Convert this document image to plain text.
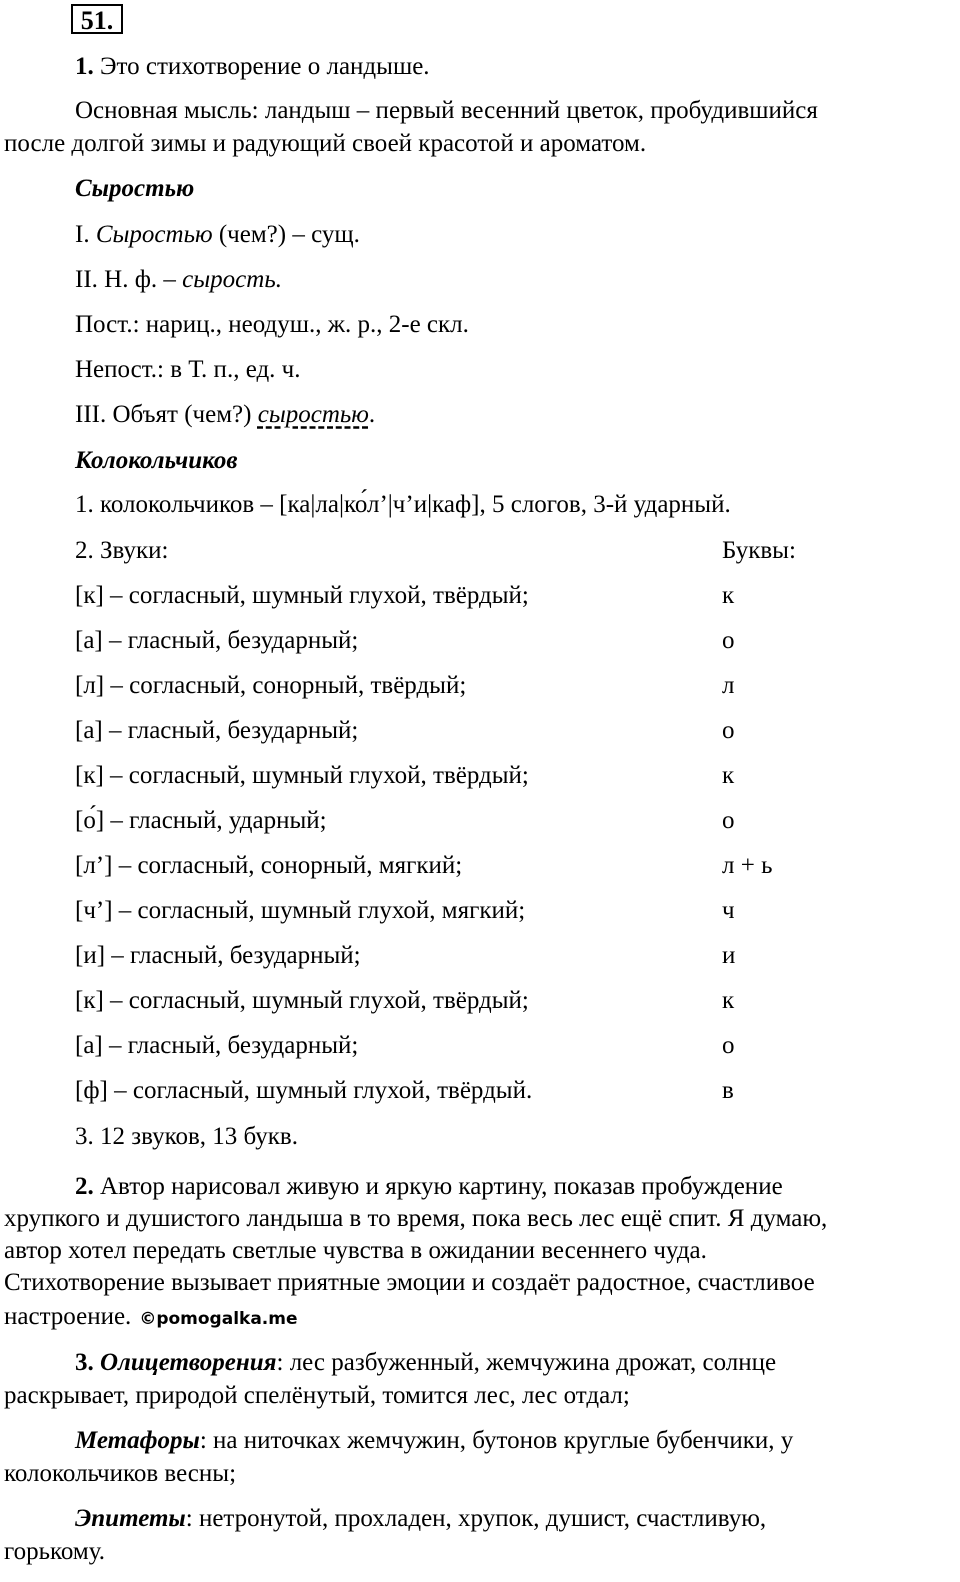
51.
1. Это стихотворение о ландыше.
Основная мысль: ландыш – первый весенний цветок, пробудившийся
после долгой зимы и радующий своей красотой и ароматом.
Сыростью
I. Сыростью (чем?) – сущ.
II. Н. ф. – сырость.
Пост.: нариц., неодуш., ж. р., 2-е скл.
Непост.: в Т. п., ед. ч.
III. Объят (чем?) сыростью.
Колокольчиков
1. колокольчиков – [ка|ла|ко́л’|ч’и|каф], 5 слогов, 3-й ударный.
2. Звуки:	Буквы:
[к] – согласный, шумный глухой, твёрдый;	к
[а] – гласный, безударный;	о
[л] – согласный, сонорный, твёрдый;	л
[а] – гласный, безударный;	о
[к] – согласный, шумный глухой, твёрдый;	к
[о́] – гласный, ударный;	о
[л’] – согласный, сонорный, мягкий;	л + ь
[ч’] – согласный, шумный глухой, мягкий;	ч
[и] – гласный, безударный;	и
[к] – согласный, шумный глухой, твёрдый;	к
[а] – гласный, безударный;	о
[ф] – согласный, шумный глухой, твёрдый.	в
3. 12 звуков, 13 букв.
2. Автор нарисовал живую и яркую картину, показав пробуждение
хрупкого и душистого ландыша в то время, пока весь лес ещё спит. Я думаю,
автор хотел передать светлые чувства в ожидании весеннего чуда.
Стихотворение вызывает приятные эмоции и создаёт радостное, счастливое
настроение. ©pomogalka.me
3. Олицетворения: лес разбуженный, жемчужина дрожат, солнце
раскрывает, природой спелёнутый, томится лес, лес отдал;
Метафоры: на ниточках жемчужин, бутонов круглые бубенчики, у
колокольчиков весны;
Эпитеты: нетронутой, прохладен, хрупок, душист, счастливую,
горькому.
